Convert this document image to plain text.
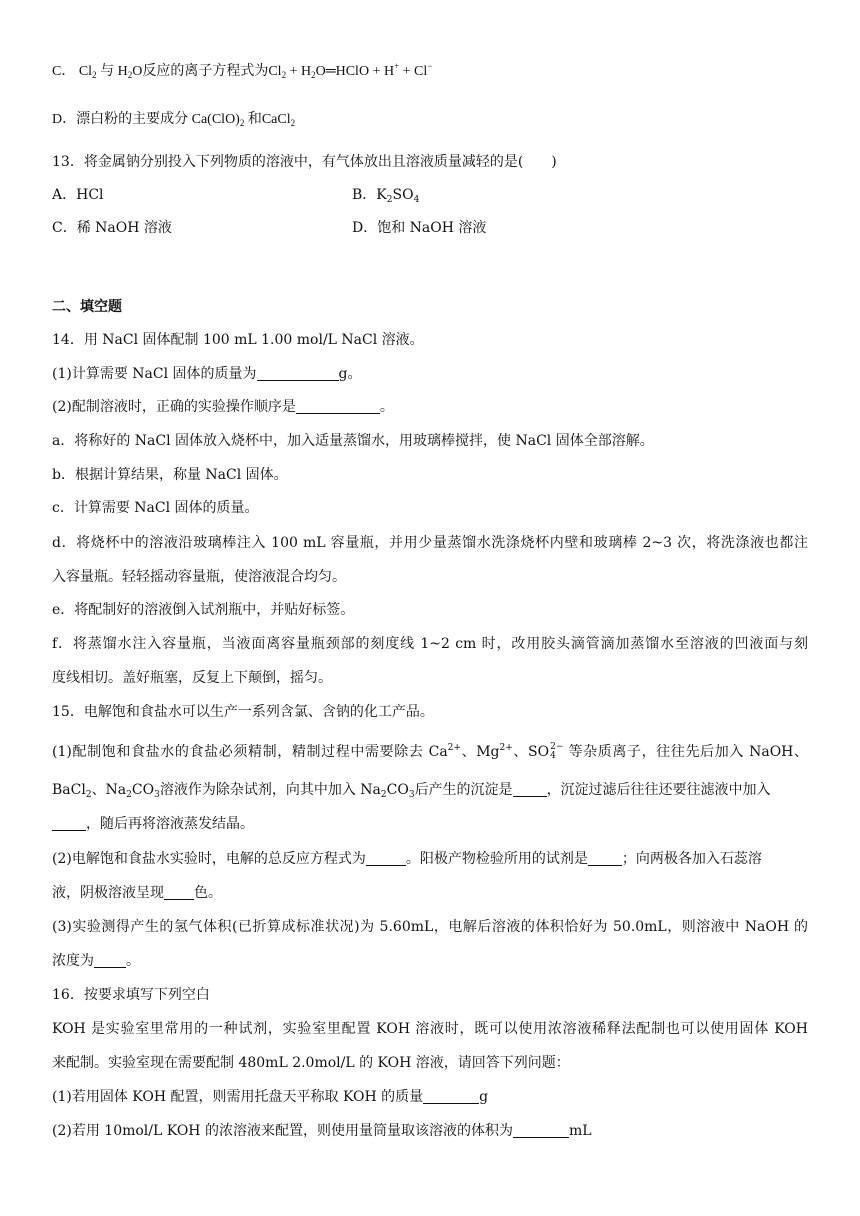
C． $Cl_2$ 与 $H_2O$反应的离子方程式为$Cl_2$ + $H_2O═HClO + H^+ + Cl^-$
D．漂白粉的主要成分 $Ca(ClO)_2$ 和CaCl$_2$
13．将金属钠分别投入下列物质的溶液中，有气体放出且溶液质量减轻的是(　　)
A．HCl	B．$K_2SO_4$
C．稀 NaOH 溶液	D．饱和 NaOH 溶液
二、填空题
14．用 NaCl 固体配制 100 mL 1.00 mol/L NaCl 溶液。
(1)计算需要 NaCl 固体的质量为	g。
(2)配制溶液时，正确的实验操作顺序是	。
a．将称好的 NaCl 固体放入烧杯中，加入适量蒸馏水，用玻璃棒搅拌，使 NaCl 固体全部溶解。
b．根据计算结果，称量 NaCl 固体。
c．计算需要 NaCl 固体的质量。
d．将烧杯中的溶液沿玻璃棒注入 100 mL 容量瓶，并用少量蒸馏水洗涤烧杯内壁和玻璃棒 2~3 次，将洗涤液也都注
入容量瓶。轻轻摇动容量瓶，使溶液混合均匀。
e．将配制好的溶液倒入试剂瓶中，并贴好标签。
f．将蒸馏水注入容量瓶，当液面离容量瓶颈部的刻度线 1~2 cm 时，改用胶头滴管滴加蒸馏水至溶液的凹液面与刻
度线相切。盖好瓶塞，反复上下颠倒，摇匀。
15．电解饱和食盐水可以生产一系列含氯、含钠的化工产品。
(1)配制饱和食盐水的食盐必须精制，精制过程中需要除去 $Ca^{2+}$、$Mg^{2+}$、SO 2−
4 等杂质离子，往往先后加入 NaOH、
BaCl$_2$、$Na_2CO_3$溶液作为除杂试剂，向其中加入 $Na_2CO_3$后产生的沉淀是 ，沉淀过滤后往往还要往滤液中加入
，随后再将溶液蒸发结晶。
(2)电解饱和食盐水实验时，电解的总反应方程式为	。阳极产物检验所用的试剂是 ；向两极各加入石蕊溶
液，阴极溶液呈现 色。
(3)实验测得产生的氢气体积(已折算成标准状况)为 5.60mL，电解后溶液的体积恰好为 50.0mL，则溶液中 NaOH 的
浓度为 。
16．按要求填写下列空白
KOH 是实验室里常用的一种试剂，实验室里配置 KOH 溶液时，既可以使用浓溶液稀释法配制也可以使用固体 KOH
来配制。实验室现在需要配制 480mL 2.0mol/L 的 KOH 溶液，请回答下列问题：
(1)若用固体 KOH 配置，则需用托盘天平称取 KOH 的质量	g
(2)若用 10mol/L KOH 的浓溶液来配置，则使用量筒量取该溶液的体积为	mL
